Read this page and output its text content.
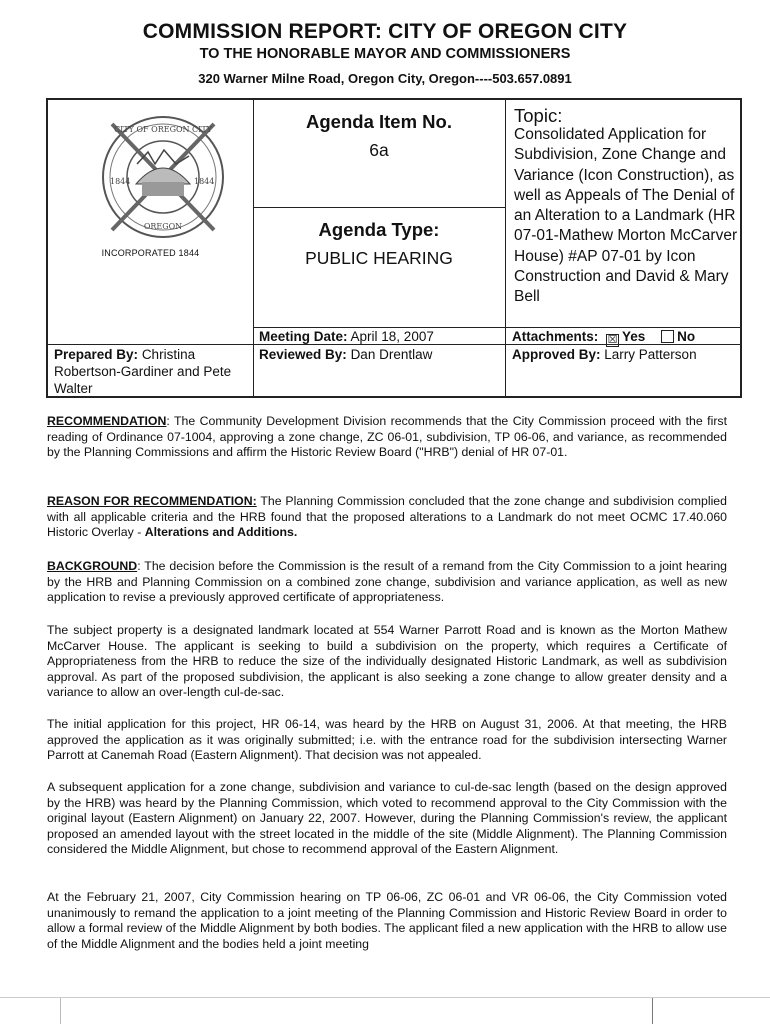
COMMISSION REPORT: CITY OF OREGON CITY
TO THE HONORABLE MAYOR AND COMMISSIONERS
320 Warner Milne Road, Oregon City, Oregon----503.657.0891
CITY OF OREGON CITY
OREGON
1844	1844
INCORPORATED 1844
Agenda Item No.
6a
Agenda Type:
PUBLIC HEARING
Topic:
Consolidated Application for Subdivision, Zone Change and Variance (Icon Construction), as well as Appeals of The Denial of an Alteration to a Landmark (HR 07-01-Mathew Morton McCarver House) #AP 07-01 by Icon Construction and David & Mary Bell
Meeting Date: April 18, 2007	Attachments: ☒ Yes No
Prepared By: Christina Robertson-Gardiner and Pete Walter
Reviewed By: Dan Drentlaw	Approved By: Larry Patterson
RECOMMENDATION: The Community Development Division recommends that the City Commission proceed with the first reading of Ordinance 07-1004, approving a zone change, ZC 06-01, subdivision, TP 06-06, and variance, as recommended by the Planning Commissions and affirm the Historic Review Board ("HRB") denial of HR 07-01.
REASON FOR RECOMMENDATION: The Planning Commission concluded that the zone change and subdivision complied with all applicable criteria and the HRB found that the proposed alterations to a Landmark do not meet OCMC 17.40.060 Historic Overlay - Alterations and Additions.
BACKGROUND: The decision before the Commission is the result of a remand from the City Commission to a joint hearing by the HRB and Planning Commission on a combined zone change, subdivision and variance application, as well as new application to revise a previously approved certificate of appropriateness.
The subject property is a designated landmark located at 554 Warner Parrott Road and is known as the Morton Mathew McCarver House. The applicant is seeking to build a subdivision on the property, which requires a Certificate of Appropriateness from the HRB to reduce the size of the individually designated Historic Landmark, as well as subdivision approval. As part of the proposed subdivision, the applicant is also seeking a zone change to allow greater density and a variance to allow an over-length cul-de-sac.
The initial application for this project, HR 06-14, was heard by the HRB on August 31, 2006. At that meeting, the HRB approved the application as it was originally submitted; i.e. with the entrance road for the subdivision intersecting Warner Parrott at Canemah Road (Eastern Alignment). That decision was not appealed.
A subsequent application for a zone change, subdivision and variance to cul-de-sac length (based on the design approved by the HRB) was heard by the Planning Commission, which voted to recommend approval to the City Commission with the original layout (Eastern Alignment) on January 22, 2007. However, during the Planning Commission's review, the applicant proposed an amended layout with the street located in the middle of the site (Middle Alignment). The Planning Commission considered the Middle Alignment, but chose to recommend approval of the Eastern Alignment.
At the February 21, 2007, City Commission hearing on TP 06-06, ZC 06-01 and VR 06-06, the City Commission voted unanimously to remand the application to a joint meeting of the Planning Commission and Historic Review Board in order to allow a formal review of the Middle Alignment by both bodies. The applicant filed a new application with the HRB to allow use of the Middle Alignment and the bodies held a joint meeting
